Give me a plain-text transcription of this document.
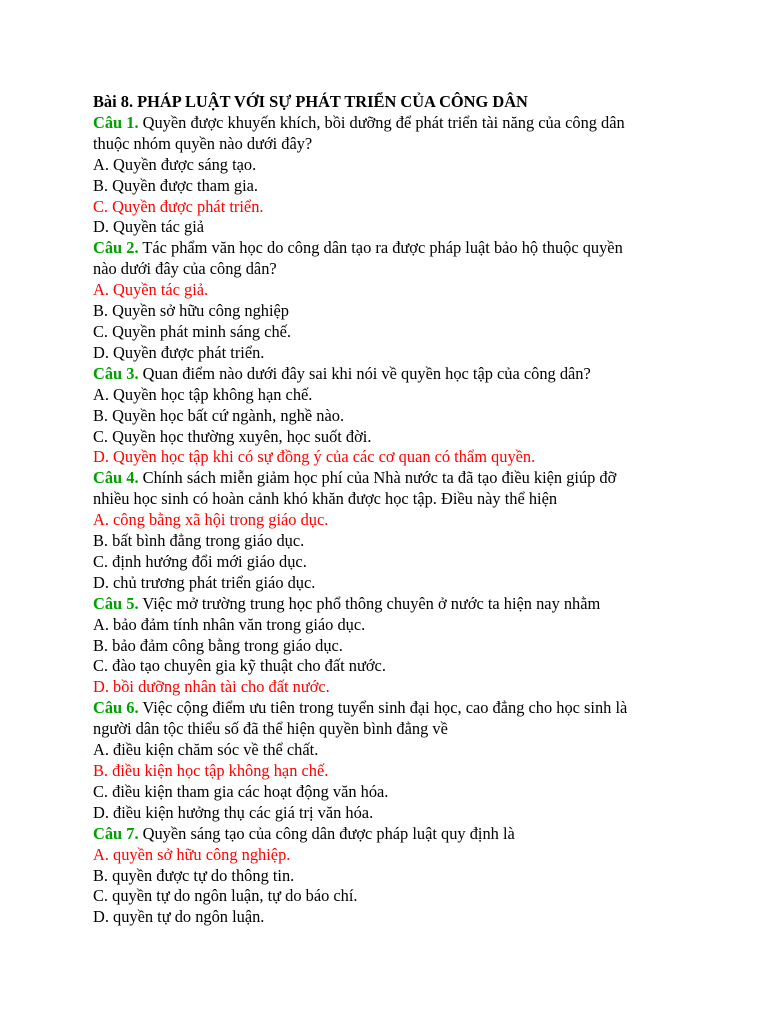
Bài 8. PHÁP LUẬT VỚI SỰ PHÁT TRIỂN CỦA CÔNG DÂN
Câu 1. Quyền được khuyến khích, bồi dưỡng để phát triển tài năng của công dân
thuộc nhóm quyền nào dưới đây?
A. Quyền được sáng tạo.
B. Quyền được tham gia.
C. Quyền được phát triển.
D. Quyền tác giả
Câu 2. Tác phẩm văn học do công dân tạo ra được pháp luật bảo hộ thuộc quyền
nào dưới đây của công dân?
A. Quyền tác giả.
B. Quyền sở hữu công nghiệp
C. Quyền phát minh sáng chế.
D. Quyền được phát triển.
Câu 3. Quan điểm nào dưới đây sai khi nói về quyền học tập của công dân?
A. Quyền học tập không hạn chế.
B. Quyền học bất cứ ngành, nghề nào.
C. Quyền học thường xuyên, học suốt đời.
D. Quyền học tập khi có sự đồng ý của các cơ quan có thẩm quyền.
Câu 4. Chính sách miễn giảm học phí của Nhà nước ta đã tạo điều kiện giúp đỡ
nhiều học sinh có hoàn cảnh khó khăn được học tập. Điều này thể hiện
A. công bằng xã hội trong giáo dục.
B. bất bình đẳng trong giáo dục.
C. định hướng đổi mới giáo dục.
D. chủ trương phát triển giáo dục.
Câu 5. Việc mở trường trung học phổ thông chuyên ở nước ta hiện nay nhằm
A. bảo đảm tính nhân văn trong giáo dục.
B. bảo đảm công bằng trong giáo dục.
C. đào tạo chuyên gia kỹ thuật cho đất nước.
D. bồi dưỡng nhân tài cho đất nước.
Câu 6. Việc cộng điểm ưu tiên trong tuyển sinh đại học, cao đẳng cho học sinh là
người dân tộc thiểu số đã thể hiện quyền bình đẳng về
A. điều kiện chăm sóc về thể chất.
B. điều kiện học tập không hạn chế.
C. điều kiện tham gia các hoạt động văn hóa.
D. điều kiện hưởng thụ các giá trị văn hóa.
Câu 7. Quyền sáng tạo của công dân được pháp luật quy định là
A. quyền sở hữu công nghiệp.
B. quyền được tự do thông tin.
C. quyền tự do ngôn luận, tự do báo chí.
D. quyền tự do ngôn luận.
